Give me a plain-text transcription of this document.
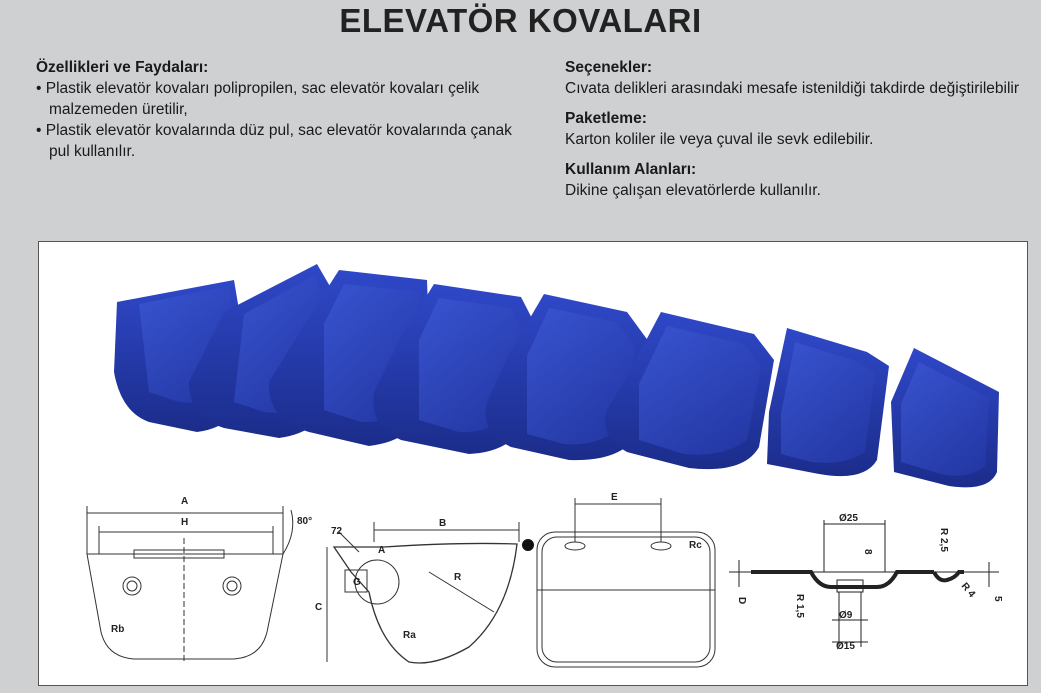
ELEVATÖR KOVALARI

Özellikleri ve Faydaları:

• Plastik elevatör kovaları polipropilen, sac elevatör kovaları çelik malzemeden üretilir,

• Plastik elevatör kovalarında düz pul, sac elevatör kovalarında çanak pul kullanılır.

Seçenekler:

Cıvata delikleri arasındaki mesafe istenildiği takdirde değiştirilebilir

Paketleme:

Karton koliler ile veya çuval ile sevk edilebilir.

Kullanım Alanları:

Dikine çalışan elevatörlerde kullanılır.

A
H	80°
Rb
72
B
C
G
A
R
Ra
E
Rc
Ø25
Ø9
Ø15
8	R 2,5
R 1,5
R 4
D	5
